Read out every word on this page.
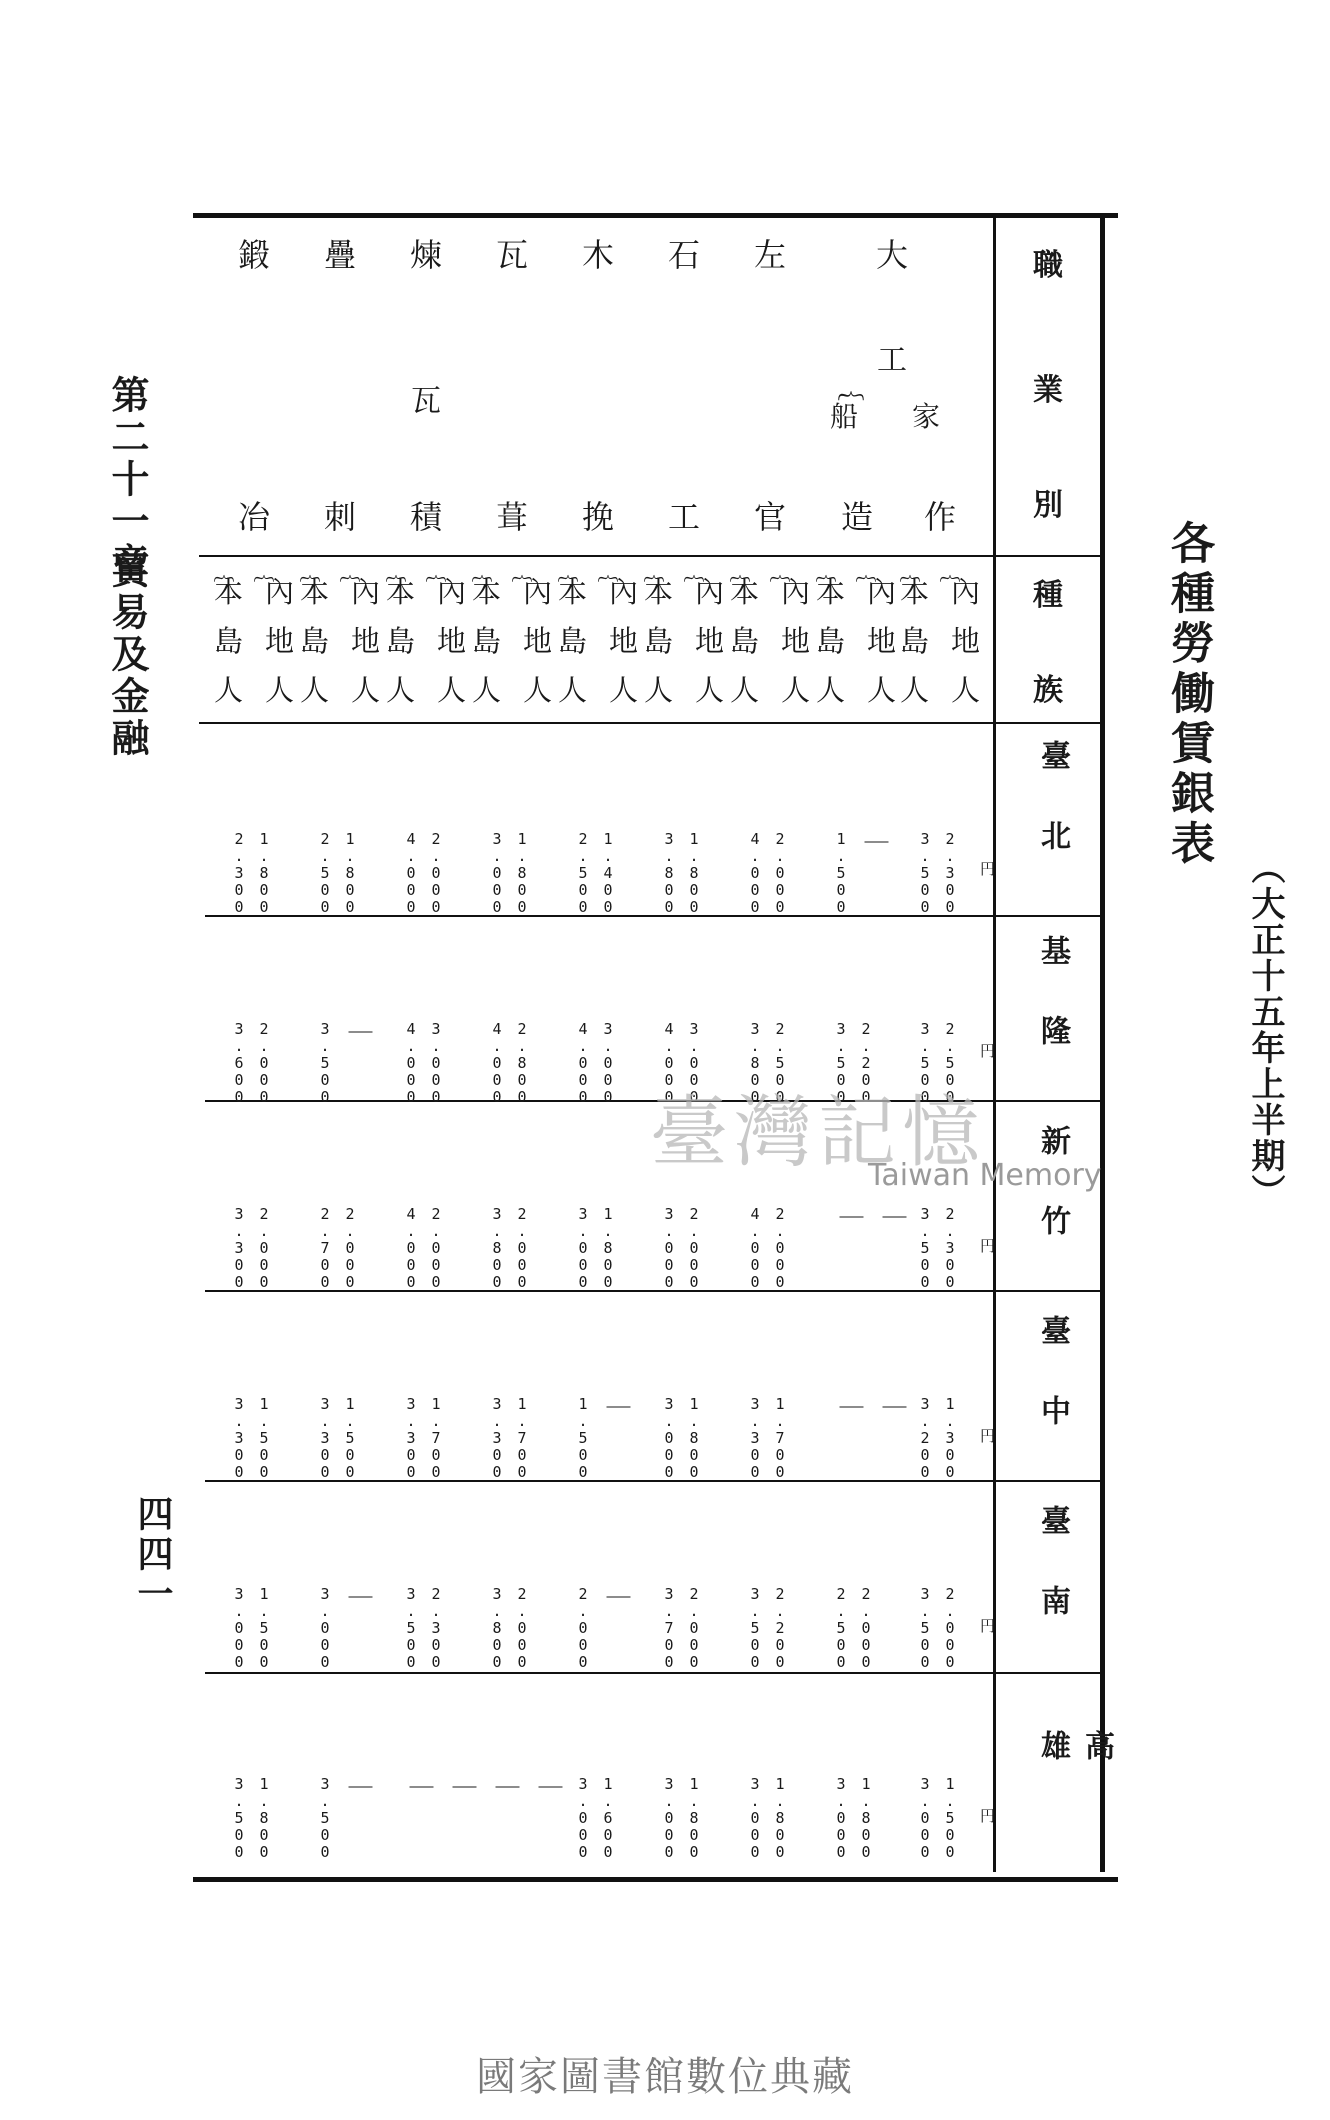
各種勞働賃銀表
（大正十五年上半期）
第二十一章
貿易及金融
四四一
職
業
別
種
族
臺北
基隆
新竹
臺中
臺南
高雄
大
工
︷
家
船
作
造
左
官
石
工
木
挽
瓦
葺
煉
瓦
積
疊
刺
鍛
冶
︷︷
本 內
島 地
人 人
︷︷
本 內
島 地
人 人
︷︷
本 內
島 地
人 人
︷︷
本 內
島 地
人 人
︷︷
本 內
島 地
人 人
︷︷
本 內
島 地
人 人
︷︷
本 內
島 地
人 人
︷︷
本 內
島 地
人 人
︷︷
本 內
島 地
人 人
2.300
3.500
｜
1.500
2.000
4.000
1.800
3.800
1.400
2.500
1.800
3.000
2.000
4.000
1.800
2.500
1.800
2.300
2.500
3.500
2.200
3.500
2.500
3.800
3.000
4.000
3.000
4.000
2.800
4.000
3.000
4.000
｜
3.500
2.000
3.600
2.300
3.500
｜
｜
2.000
4.000
2.000
3.000
1.800
3.000
2.000
3.800
2.000
4.000
2.000
2.700
2.000
3.300
1.300
3.200
｜
｜
1.700
3.300
1.800
3.000
｜
1.500
1.700
3.300
1.700
3.300
1.500
3.300
1.500
3.300
2.000
3.500
2.000
2.500
2.200
3.500
2.000
3.700
｜
2.000
2.000
3.800
2.300
3.500
｜
3.000
1.500
3.000
1.500
3.000
1.800
3.000
1.800
3.000
1.800
3.000
1.600
3.000
｜
｜
｜
｜
｜
3.500
1.800
3.500
円
円
円
円
円
円
臺灣記憶
Taiwan Memory
國家圖書館數位典藏
